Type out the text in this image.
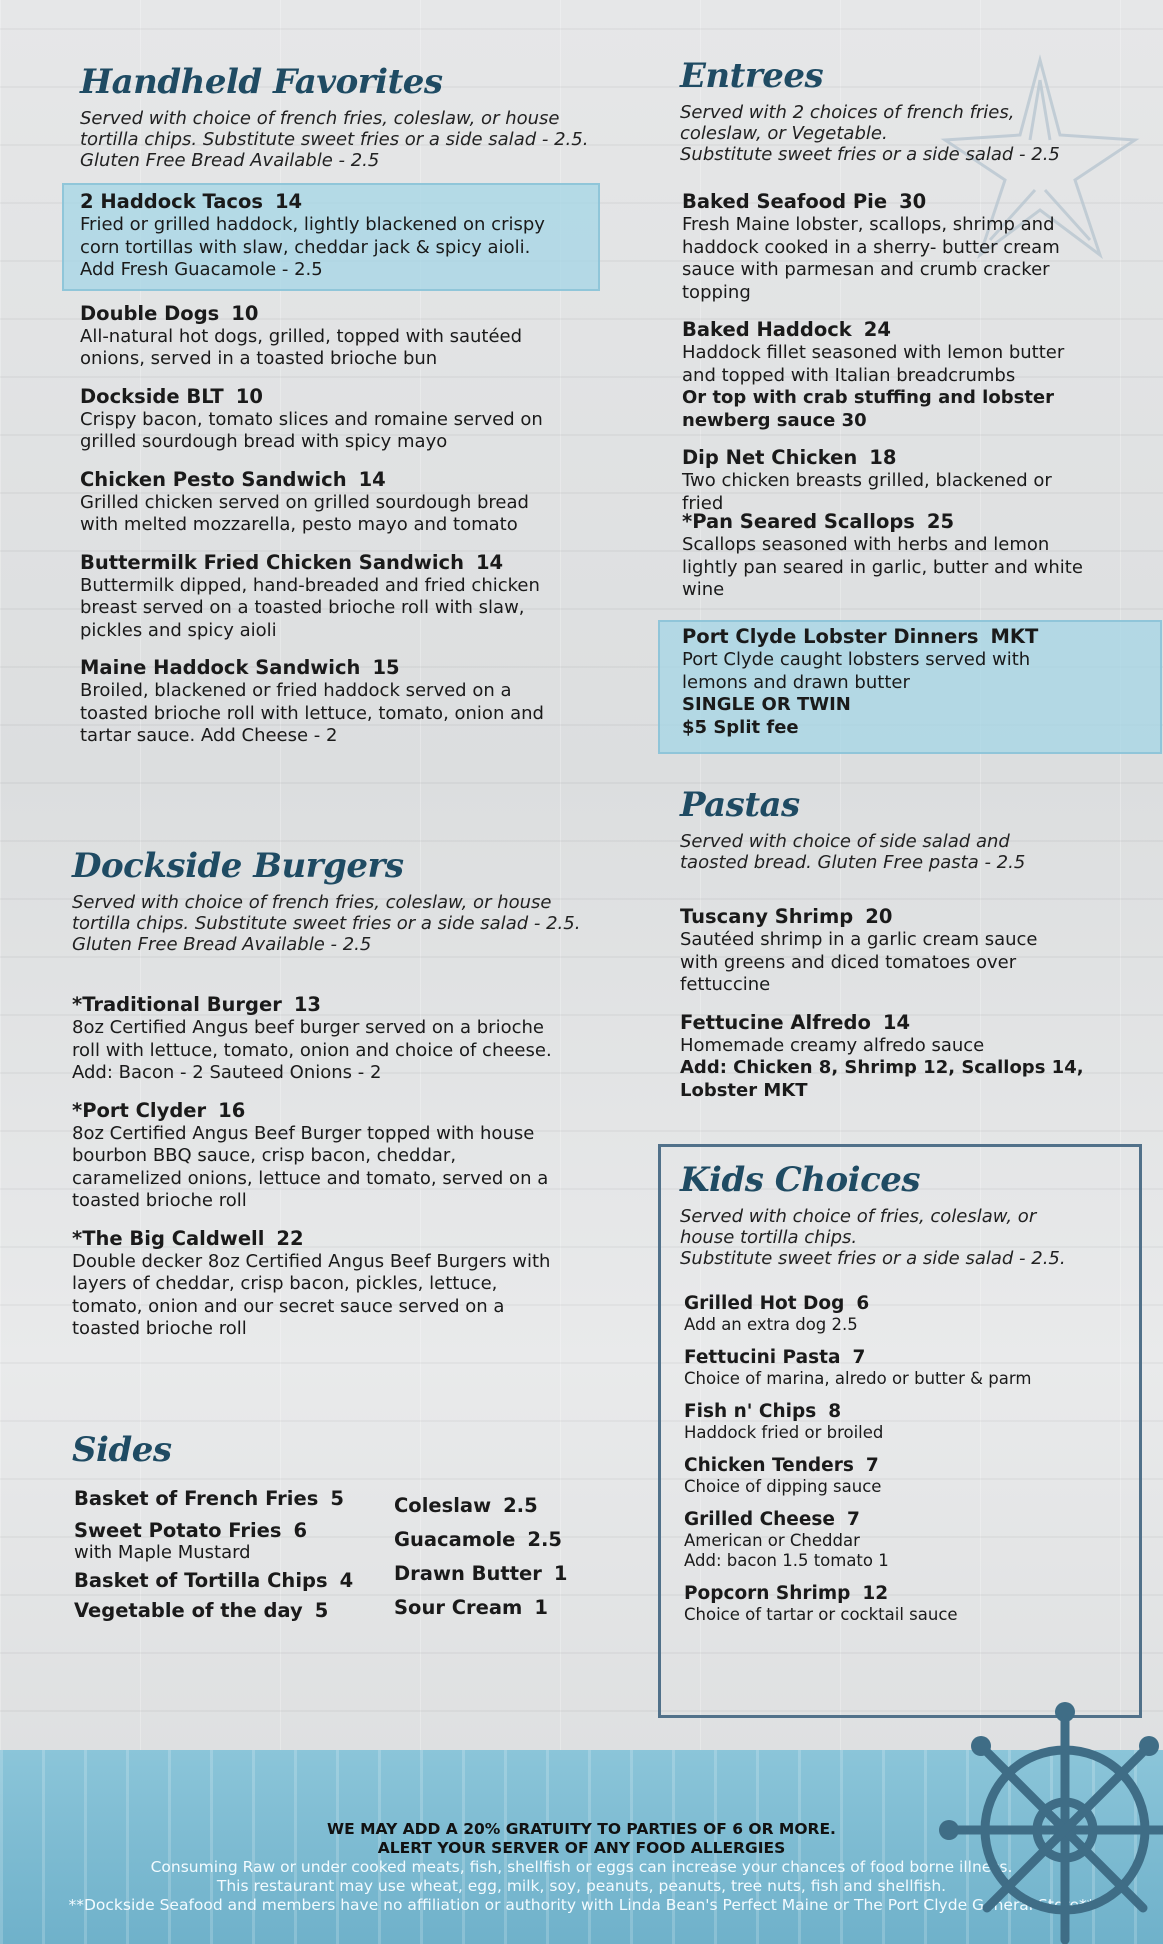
Handheld Favorites
Served with choice of french fries, coleslaw, or house
tortilla chips. Substitute sweet fries or a side salad - 2.5.
Gluten Free Bread Available - 2.5
2 Haddock Tacos 14
Fried or grilled haddock, lightly blackened on crispy
corn tortillas with slaw, cheddar jack & spicy aioli.
Add Fresh Guacamole - 2.5
Double Dogs 10
All-natural hot dogs, grilled, topped with sautéed
onions, served in a toasted brioche bun
Dockside BLT 10
Crispy bacon, tomato slices and romaine served on
grilled sourdough bread with spicy mayo
Chicken Pesto Sandwich 14
Grilled chicken served on grilled sourdough bread
with melted mozzarella, pesto mayo and tomato
Buttermilk Fried Chicken Sandwich 14
Buttermilk dipped, hand-breaded and fried chicken
breast served on a toasted brioche roll with slaw,
pickles and spicy aioli
Maine Haddock Sandwich 15
Broiled, blackened or fried haddock served on a
toasted brioche roll with lettuce, tomato, onion and
tartar sauce. Add Cheese - 2
Dockside Burgers
Served with choice of french fries, coleslaw, or house
tortilla chips. Substitute sweet fries or a side salad - 2.5.
Gluten Free Bread Available - 2.5
*Traditional Burger 13
8oz Certified Angus beef burger served on a brioche
roll with lettuce, tomato, onion and choice of cheese.
Add: Bacon - 2 Sauteed Onions - 2
*Port Clyder 16
8oz Certified Angus Beef Burger topped with house
bourbon BBQ sauce, crisp bacon, cheddar,
caramelized onions, lettuce and tomato, served on a
toasted brioche roll
*The Big Caldwell 22
Double decker 8oz Certified Angus Beef Burgers with
layers of cheddar, crisp bacon, pickles, lettuce,
tomato, onion and our secret sauce served on a
toasted brioche roll
Sides
Basket of French Fries 5
Sweet Potato Fries 6
with Maple Mustard
Basket of Tortilla Chips 4
Vegetable of the day 5
Coleslaw 2.5
Guacamole 2.5
Drawn Butter 1
Sour Cream 1
Entrees
Served with 2 choices of french fries,
coleslaw, or Vegetable.
Substitute sweet fries or a side salad - 2.5
Baked Seafood Pie 30
Fresh Maine lobster, scallops, shrimp and
haddock cooked in a sherry- butter cream
sauce with parmesan and crumb cracker
topping
Baked Haddock 24
Haddock fillet seasoned with lemon butter
and topped with Italian breadcrumbs
Or top with crab stuffing and lobster
newberg sauce 30
Dip Net Chicken 18
Two chicken breasts grilled, blackened or
fried
*Pan Seared Scallops 25
Scallops seasoned with herbs and lemon
lightly pan seared in garlic, butter and white
wine
Port Clyde Lobster Dinners MKT
Port Clyde caught lobsters served with
lemons and drawn butter
SINGLE OR TWIN
$5 Split fee
Pastas
Served with choice of side salad and
taosted bread. Gluten Free pasta - 2.5
Tuscany Shrimp 20
Sautéed shrimp in a garlic cream sauce
with greens and diced tomatoes over
fettuccine
Fettucine Alfredo 14
Homemade creamy alfredo sauce
Add: Chicken 8, Shrimp 12, Scallops 14,
Lobster MKT
Kids Choices
Served with choice of fries, coleslaw, or
house tortilla chips.
Substitute sweet fries or a side salad - 2.5.
Grilled Hot Dog 6
Add an extra dog 2.5
Fettucini Pasta 7
Choice of marina, alredo or butter & parm
Fish n' Chips 8
Haddock fried or broiled
Chicken Tenders 7
Choice of dipping sauce
Grilled Cheese 7
American or Cheddar
Add: bacon 1.5 tomato 1
Popcorn Shrimp 12
Choice of tartar or cocktail sauce
WE MAY ADD A 20% GRATUITY TO PARTIES OF 6 OR MORE.
ALERT YOUR SERVER OF ANY FOOD ALLERGIES
Consuming Raw or under cooked meats, fish, shellfish or eggs can increase your chances of food borne illness.
This restaurant may use wheat, egg, milk, soy, peanuts, peanuts, tree nuts, fish and shellfish.
**Dockside Seafood and members have no affiliation or authority with Linda Bean's Perfect Maine or The Port Clyde General Store**
